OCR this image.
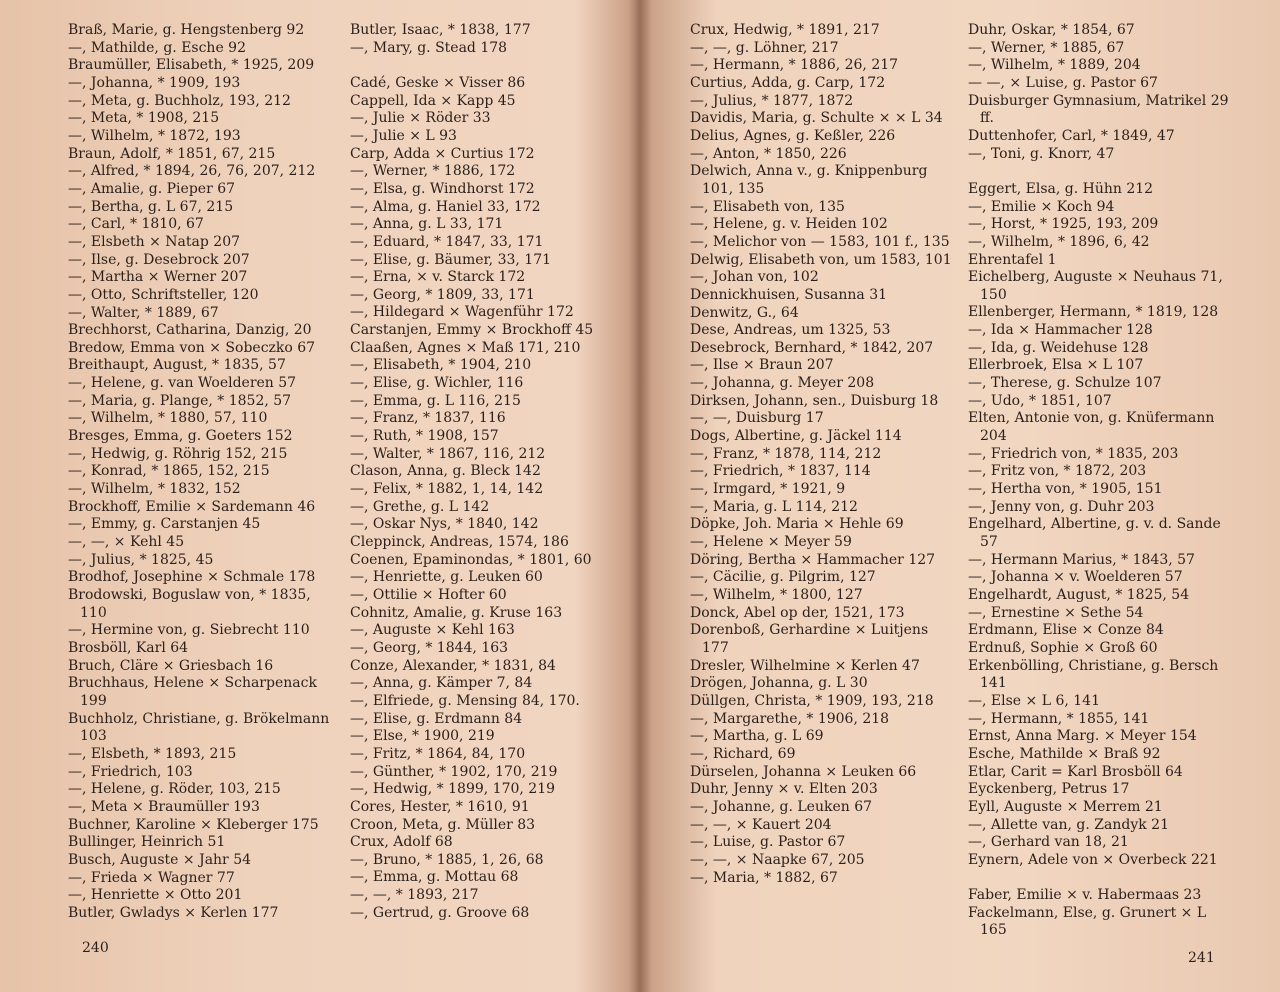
Braß, Marie, g. Hengstenberg 92
—, Mathilde, g. Esche 92
Braumüller, Elisabeth, * 1925, 209
—, Johanna, * 1909, 193
—, Meta, g. Buchholz, 193, 212
—, Meta, * 1908, 215
—, Wilhelm, * 1872, 193
Braun, Adolf, * 1851, 67, 215
—, Alfred, * 1894, 26, 76, 207, 212
—, Amalie, g. Pieper 67
—, Bertha, g. L 67, 215
—, Carl, * 1810, 67
—, Elsbeth × Natap 207
—, Ilse, g. Desebrock 207
—, Martha × Werner 207
—, Otto, Schriftsteller, 120
—, Walter, * 1889, 67
Brechhorst, Catharina, Danzig, 20
Bredow, Emma von × Sobeczko 67
Breithaupt, August, * 1835, 57
—, Helene, g. van Woelderen 57
—, Maria, g. Plange, * 1852, 57
—, Wilhelm, * 1880, 57, 110
Bresges, Emma, g. Goeters 152
—, Hedwig, g. Röhrig 152, 215
—, Konrad, * 1865, 152, 215
—, Wilhelm, * 1832, 152
Brockhoff, Emilie × Sardemann 46
—, Emmy, g. Carstanjen 45
—, —, × Kehl 45
—, Julius, * 1825, 45
Brodhof, Josephine × Schmale 178
Brodowski, Boguslaw von, * 1835, 110
—, Hermine von, g. Siebrecht 110
Brosböll, Karl 64
Bruch, Cläre × Griesbach 16
Bruchhaus, Helene × Scharpenack 199
Buchholz, Christiane, g. Brökelmann 103
—, Elsbeth, * 1893, 215
—, Friedrich, 103
—, Helene, g. Röder, 103, 215
—, Meta × Braumüller 193
Buchner, Karoline × Kleberger 175
Bullinger, Heinrich 51
Busch, Auguste × Jahr 54
—, Frieda × Wagner 77
—, Henriette × Otto 201
Butler, Gwladys × Kerlen 177
Butler, Isaac, * 1838, 177
—, Mary, g. Stead 178
Cadé, Geske × Visser 86
Cappell, Ida × Kapp 45
—, Julie × Röder 33
—, Julie × L 93
Carp, Adda × Curtius 172
—, Werner, * 1886, 172
—, Elsa, g. Windhorst 172
—, Alma, g. Haniel 33, 172
—, Anna, g. L 33, 171
—, Eduard, * 1847, 33, 171
—, Elise, g. Bäumer, 33, 171
—, Erna, × v. Starck 172
—, Georg, * 1809, 33, 171
—, Hildegard × Wagenführ 172
Carstanjen, Emmy × Brockhoff 45
Claaßen, Agnes × Maß 171, 210
—, Elisabeth, * 1904, 210
—, Elise, g. Wichler, 116
—, Emma, g. L 116, 215
—, Franz, * 1837, 116
—, Ruth, * 1908, 157
—, Walter, * 1867, 116, 212
Clason, Anna, g. Bleck 142
—, Felix, * 1882, 1, 14, 142
—, Grethe, g. L 142
—, Oskar Nys, * 1840, 142
Cleppinck, Andreas, 1574, 186
Coenen, Epaminondas, * 1801, 60
—, Henriette, g. Leuken 60
—, Ottilie × Hofter 60
Cohnitz, Amalie, g. Kruse 163
—, Auguste × Kehl 163
—, Georg, * 1844, 163
Conze, Alexander, * 1831, 84
—, Anna, g. Kämper 7, 84
—, Elfriede, g. Mensing 84, 170.
—, Elise, g. Erdmann 84
—, Else, * 1900, 219
—, Fritz, * 1864, 84, 170
—, Günther, * 1902, 170, 219
—, Hedwig, * 1899, 170, 219
Cores, Hester, * 1610, 91
Croon, Meta, g. Müller 83
Crux, Adolf 68
—, Bruno, * 1885, 1, 26, 68
—, Emma, g. Mottau 68
—, —, * 1893, 217
—, Gertrud, g. Groove 68
240
Crux, Hedwig, * 1891, 217
—, —, g. Löhner, 217
—, Hermann, * 1886, 26, 217
Curtius, Adda, g. Carp, 172
—, Julius, * 1877, 1872
Davidis, Maria, g. Schulte × × L 34
Delius, Agnes, g. Keßler, 226
—, Anton, * 1850, 226
Delwich, Anna v., g. Knippenburg 101, 135
—, Elisabeth von, 135
—, Helene, g. v. Heiden 102
—, Melichor von — 1583, 101 f., 135
Delwig, Elisabeth von, um 1583, 101
—, Johan von, 102
Dennickhuisen, Susanna 31
Denwitz, G., 64
Dese, Andreas, um 1325, 53
Desebrock, Bernhard, * 1842, 207
—, Ilse × Braun 207
—, Johanna, g. Meyer 208
Dirksen, Johann, sen., Duisburg 18
—, —, Duisburg 17
Dogs, Albertine, g. Jäckel 114
—, Franz, * 1878, 114, 212
—, Friedrich, * 1837, 114
—, Irmgard, * 1921, 9
—, Maria, g. L 114, 212
Döpke, Joh. Maria × Hehle 69
—, Helene × Meyer 59
Döring, Bertha × Hammacher 127
—, Cäcilie, g. Pilgrim, 127
—, Wilhelm, * 1800, 127
Donck, Abel op der, 1521, 173
Dorenboß, Gerhardine × Luitjens 177
Dresler, Wilhelmine × Kerlen 47
Drögen, Johanna, g. L 30
Düllgen, Christa, * 1909, 193, 218
—, Margarethe, * 1906, 218
—, Martha, g. L 69
—, Richard, 69
Dürselen, Johanna × Leuken 66
Duhr, Jenny × v. Elten 203
—, Johanne, g. Leuken 67
—, —, × Kauert 204
—, Luise, g. Pastor 67
—, —, × Naapke 67, 205
—, Maria, * 1882, 67
Duhr, Oskar, * 1854, 67
—, Werner, * 1885, 67
—, Wilhelm, * 1889, 204
— —, × Luise, g. Pastor 67
Duisburger Gymnasium, Matrikel 29 ff.
Duttenhofer, Carl, * 1849, 47
—, Toni, g. Knorr, 47
Eggert, Elsa, g. Hühn 212
—, Emilie × Koch 94
—, Horst, * 1925, 193, 209
—, Wilhelm, * 1896, 6, 42
Ehrentafel 1
Eichelberg, Auguste × Neuhaus 71, 150
Ellenberger, Hermann, * 1819, 128
—, Ida × Hammacher 128
—, Ida, g. Weidehuse 128
Ellerbroek, Elsa × L 107
—, Therese, g. Schulze 107
—, Udo, * 1851, 107
Elten, Antonie von, g. Knüfermann 204
—, Friedrich von, * 1835, 203
—, Fritz von, * 1872, 203
—, Hertha von, * 1905, 151
—, Jenny von, g. Duhr 203
Engelhard, Albertine, g. v. d. Sande 57
—, Hermann Marius, * 1843, 57
—, Johanna × v. Woelderen 57
Engelhardt, August, * 1825, 54
—, Ernestine × Sethe 54
Erdmann, Elise × Conze 84
Erdnuß, Sophie × Groß 60
Erkenbölling, Christiane, g. Bersch 141
—, Else × L 6, 141
—, Hermann, * 1855, 141
Ernst, Anna Marg. × Meyer 154
Esche, Mathilde × Braß 92
Etlar, Carit = Karl Brosböll 64
Eyckenberg, Petrus 17
Eyll, Auguste × Merrem 21
—, Allette van, g. Zandyk 21
—, Gerhard van 18, 21
Eynern, Adele von × Overbeck 221
Faber, Emilie × v. Habermaas 23
Fackelmann, Else, g. Grunert × L 165
241
